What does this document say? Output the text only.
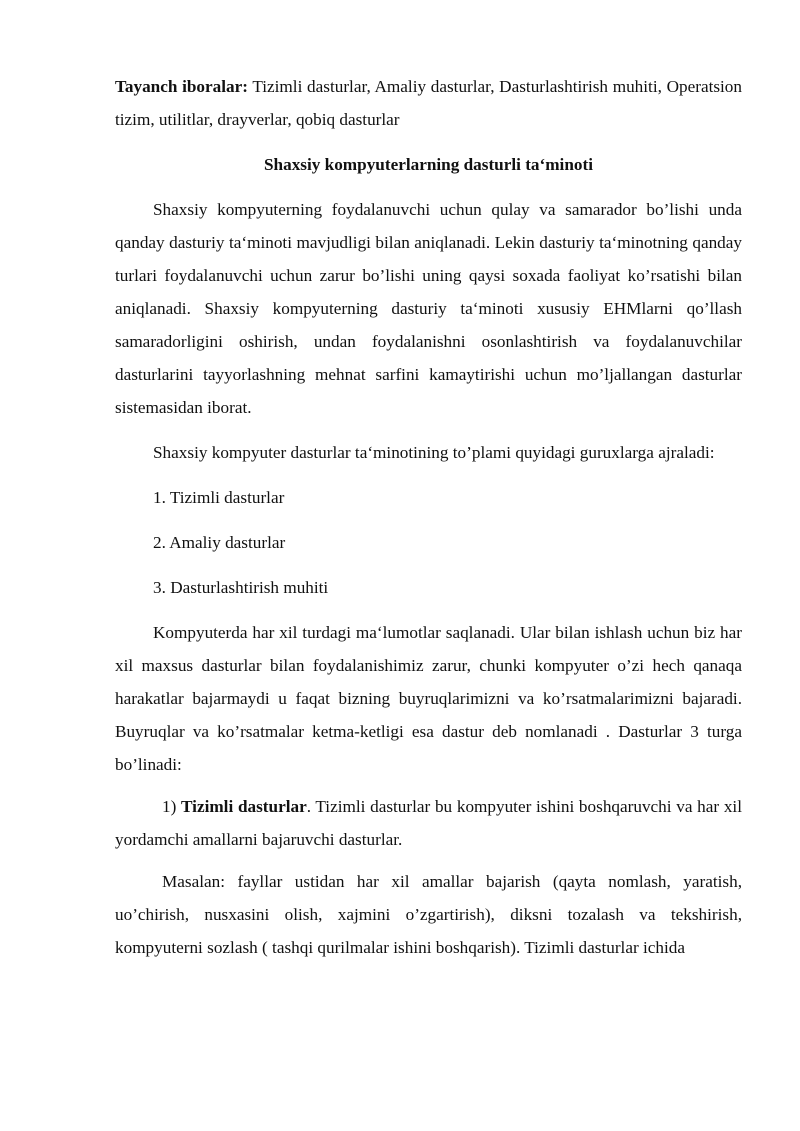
Tayanch iboralar: Tizimli dasturlar, Amaliy dasturlar, Dasturlashtirish muhiti, Operatsion tizim, utilitlar, drayverlar, qobiq dasturlar

Shaxsiy kompyuterlarning dasturli ta‘minoti

Shaxsiy kompyuterning foydalanuvchi uchun qulay va samarador bo’lishi unda qanday dasturiy ta‘minoti mavjudligi bilan aniqlanadi. Lekin dasturiy ta‘minotning qanday turlari foydalanuvchi uchun zarur bo’lishi uning qaysi soxada faoliyat ko’rsatishi bilan aniqlanadi. Shaxsiy kompyuterning dasturiy ta‘minoti xususiy EHMlarni qo’llash samaradorligini oshirish, undan foydalanishni osonlashtirish va foydalanuvchilar dasturlarini tayyorlashning mehnat sarfini kamaytirishi uchun mo’ljallangan dasturlar sistemasidan iborat.

Shaxsiy kompyuter dasturlar ta‘minotining to’plami quyidagi guruxlarga ajraladi:

1. Tizimli dasturlar

2. Amaliy dasturlar

3. Dasturlashtirish muhiti

Kompyuterda har xil turdagi ma‘lumotlar saqlanadi. Ular bilan ishlash uchun biz har xil maxsus dasturlar bilan foydalanishimiz zarur, chunki kompyuter o’zi hech qanaqa harakatlar bajarmaydi u faqat bizning buyruqlarimizni va ko’rsatmalarimizni bajaradi. Buyruqlar va ko’rsatmalar ketma-ketligi esa dastur deb nomlanadi . Dasturlar 3 turga bo’linadi:

1) Tizimli dasturlar. Tizimli dasturlar bu kompyuter ishini boshqaruvchi va har xil yordamchi amallarni bajaruvchi dasturlar.

Masalan: fayllar ustidan har xil amallar bajarish (qayta nomlash, yaratish, uo’chirish, nusxasini olish, xajmini o’zgartirish), diksni tozalash va tekshirish, kompyuterni sozlash ( tashqi qurilmalar ishini boshqarish). Tizimli dasturlar ichida
